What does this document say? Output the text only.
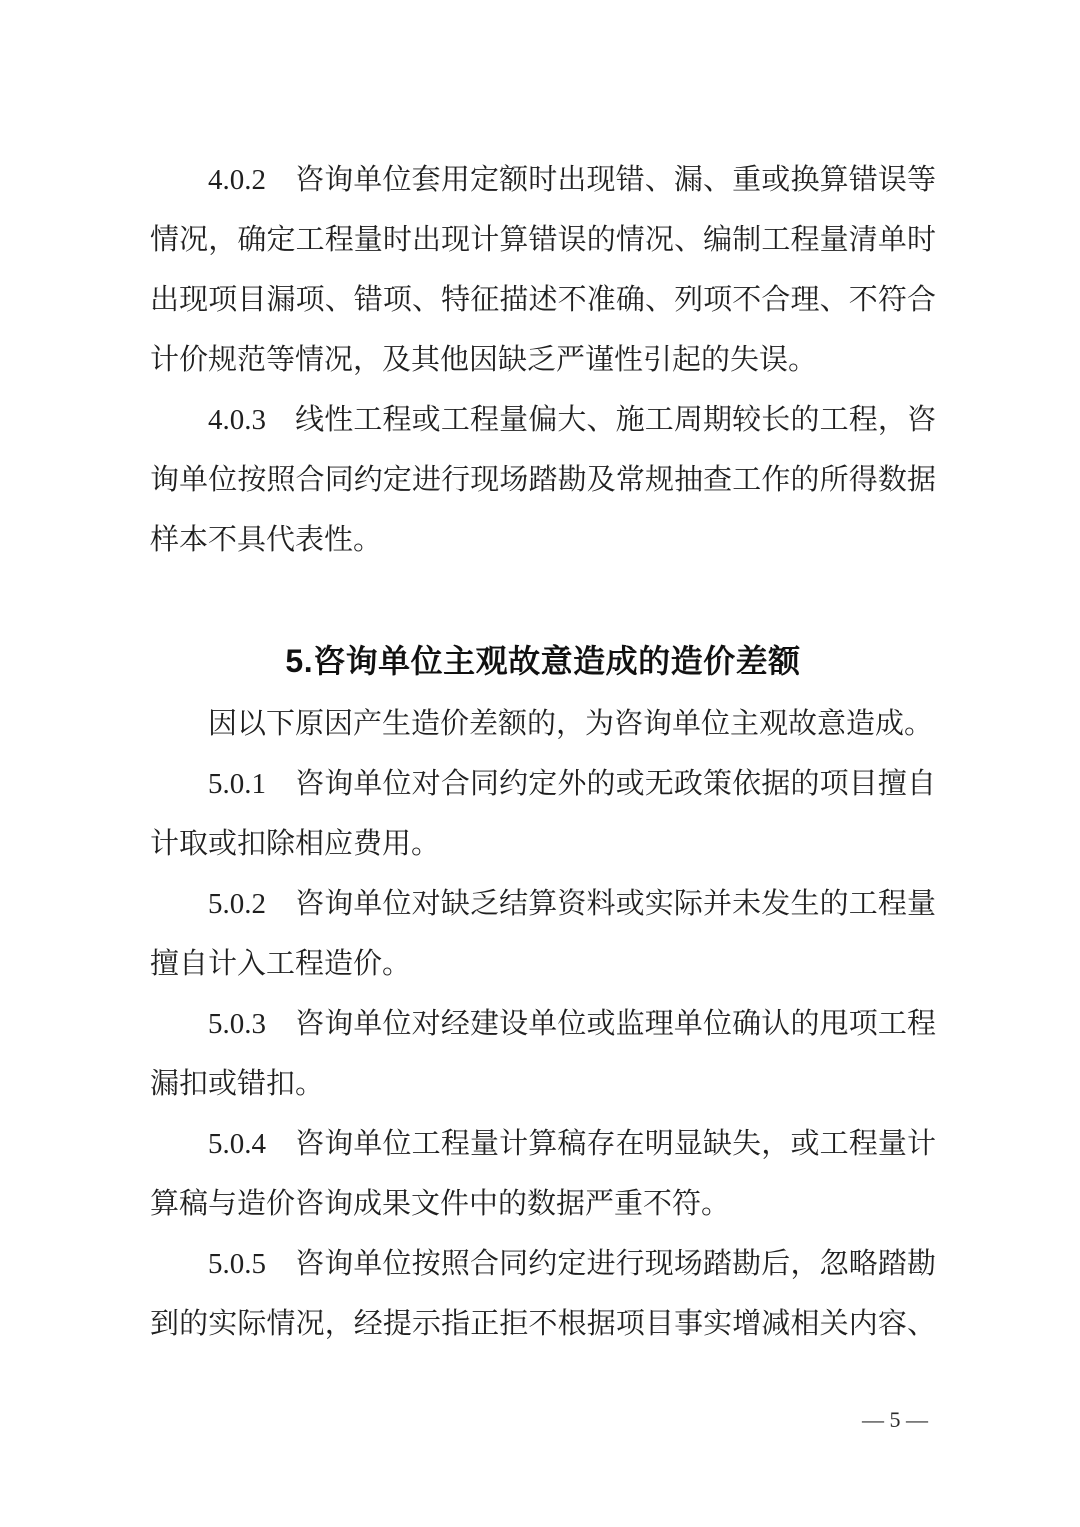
4.0.2 咨询单位套用定额时出现错、漏、重或换算错误等情况，确定工程量时出现计算错误的情况、编制工程量清单时出现项目漏项、错项、特征描述不准确、列项不合理、不符合计价规范等情况，及其他因缺乏严谨性引起的失误。

4.0.3 线性工程或工程量偏大、施工周期较长的工程，咨询单位按照合同约定进行现场踏勘及常规抽查工作的所得数据样本不具代表性。

5.咨询单位主观故意造成的造价差额

因以下原因产生造价差额的，为咨询单位主观故意造成。

5.0.1 咨询单位对合同约定外的或无政策依据的项目擅自计取或扣除相应费用。

5.0.2 咨询单位对缺乏结算资料或实际并未发生的工程量擅自计入工程造价。

5.0.3 咨询单位对经建设单位或监理单位确认的甩项工程漏扣或错扣。

5.0.4 咨询单位工程量计算稿存在明显缺失，或工程量计算稿与造价咨询成果文件中的数据严重不符。

5.0.5 咨询单位按照合同约定进行现场踏勘后，忽略踏勘到的实际情况，经提示指正拒不根据项目事实增减相关内容、

— 5 —
